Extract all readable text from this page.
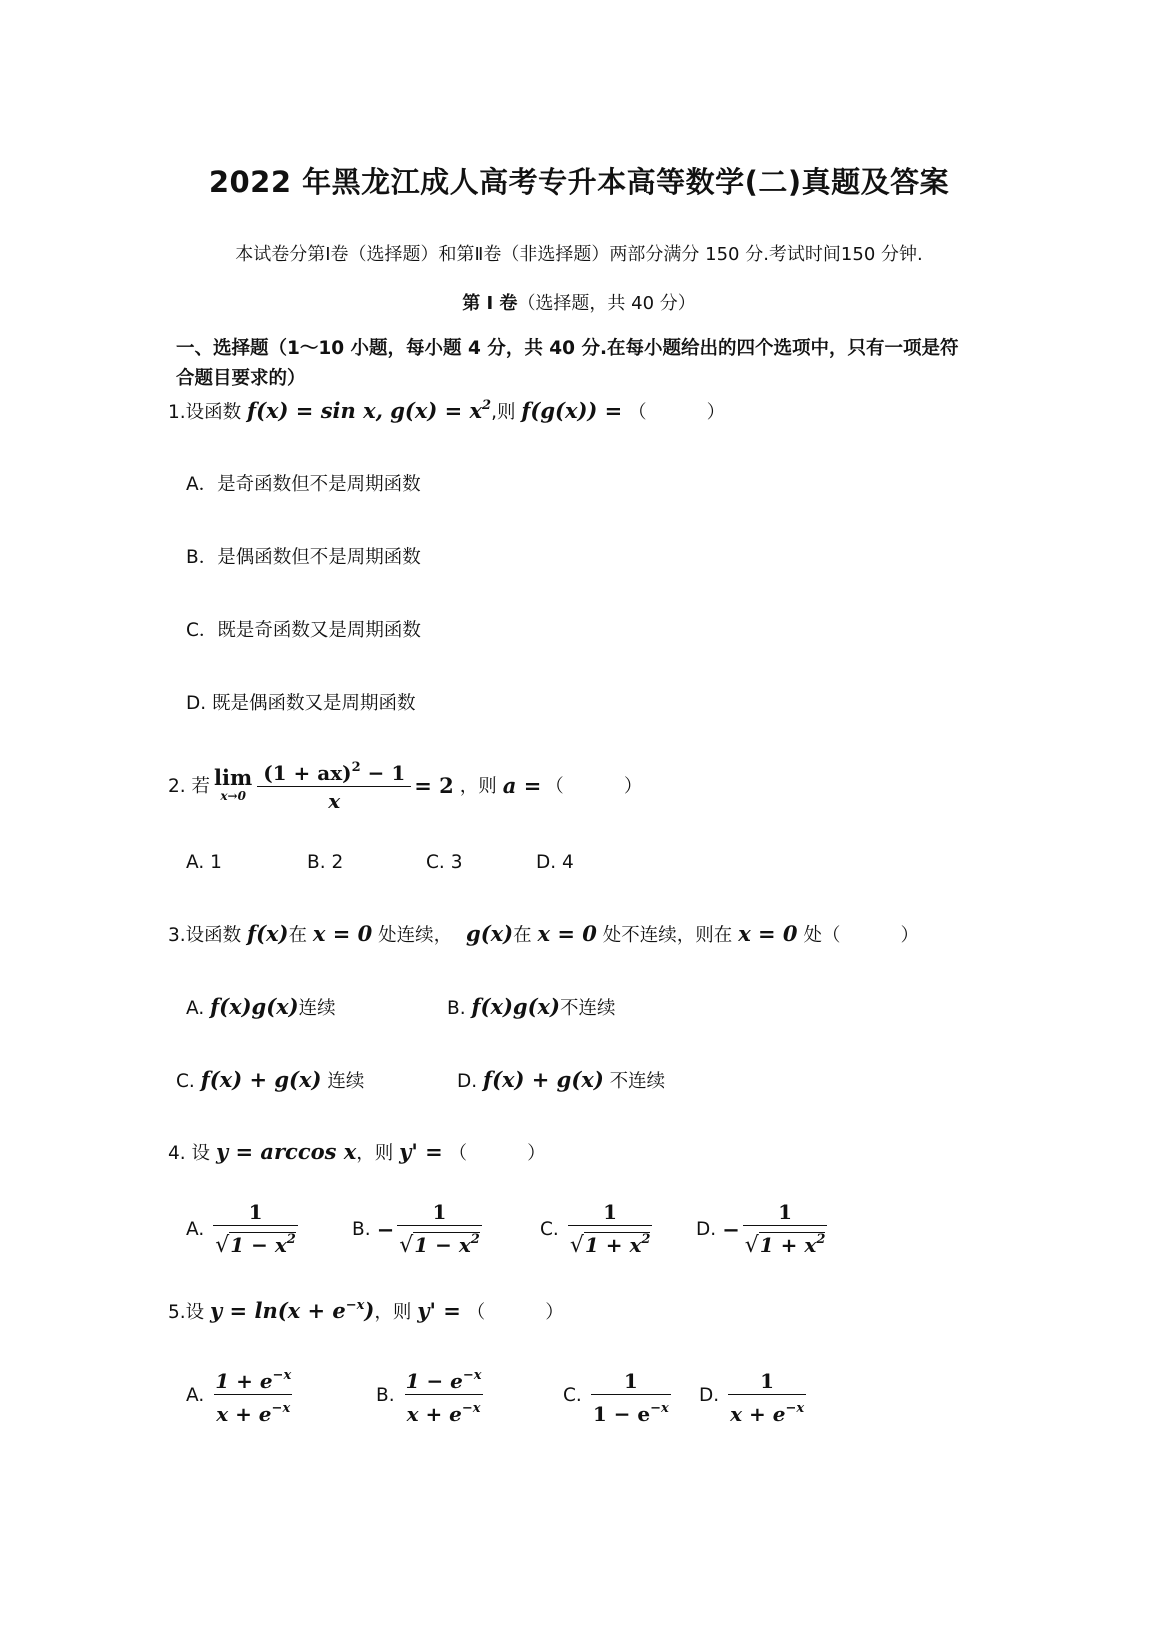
2022 年黑龙江成人高考专升本高等数学(二)真题及答案
本试卷分第Ⅰ卷（选择题）和第Ⅱ卷（非选择题）两部分满分 150 分.考试时间150 分钟.
第 Ⅰ 卷（选择题，共 40 分）
一、选择题（1～10 小题，每小题 4 分，共 40 分.在每小题给出的四个选项中，只有一项是符合题目要求的）
1.设函数 f(x) = sin x, $g(x) = x^2$,则 f(g(x)) = （	）
A．是奇函数但不是周期函数
B．是偶函数但不是周期函数
C．既是奇函数又是周期函数
D. 既是偶函数又是周期函数
2. 若 lim
$x\to 0 \frac{(1 + ax)^2 - 1}{x} = 2$ ，则 a = （	）
A. 1	B. 2	C. 3	D. 4
3.设函数 f(x)在 x = 0 处连续， g(x)在 x = 0 处不连续，则在 x = 0 处（	）
A. f(x)g(x)连续	B. f(x)g(x)不连续
C. f(x) + g(x) 连续	D. f(x) + g(x) 不连续
4. 设 y = arccos x，则 y' = （	）
A. $\frac{1}{√1 - x^2}$	B. − $\frac{1}{√1 - x^2}$	C. $\frac{1}{√1 + x^2} D$. − $\frac{1}{√1 + x^2}$
5.设 $y = \ln(x + e^{-x})$，则 y' = （	）
A. $\frac{1 + e^{-x}}{x + e^{-x}}$	B. $\frac{1 - e^{-x}}{x + e^{-x}}$	C. $\frac{1}{1 - e^{-x}} D$. $\frac{1}{x + e^{-x}}$
